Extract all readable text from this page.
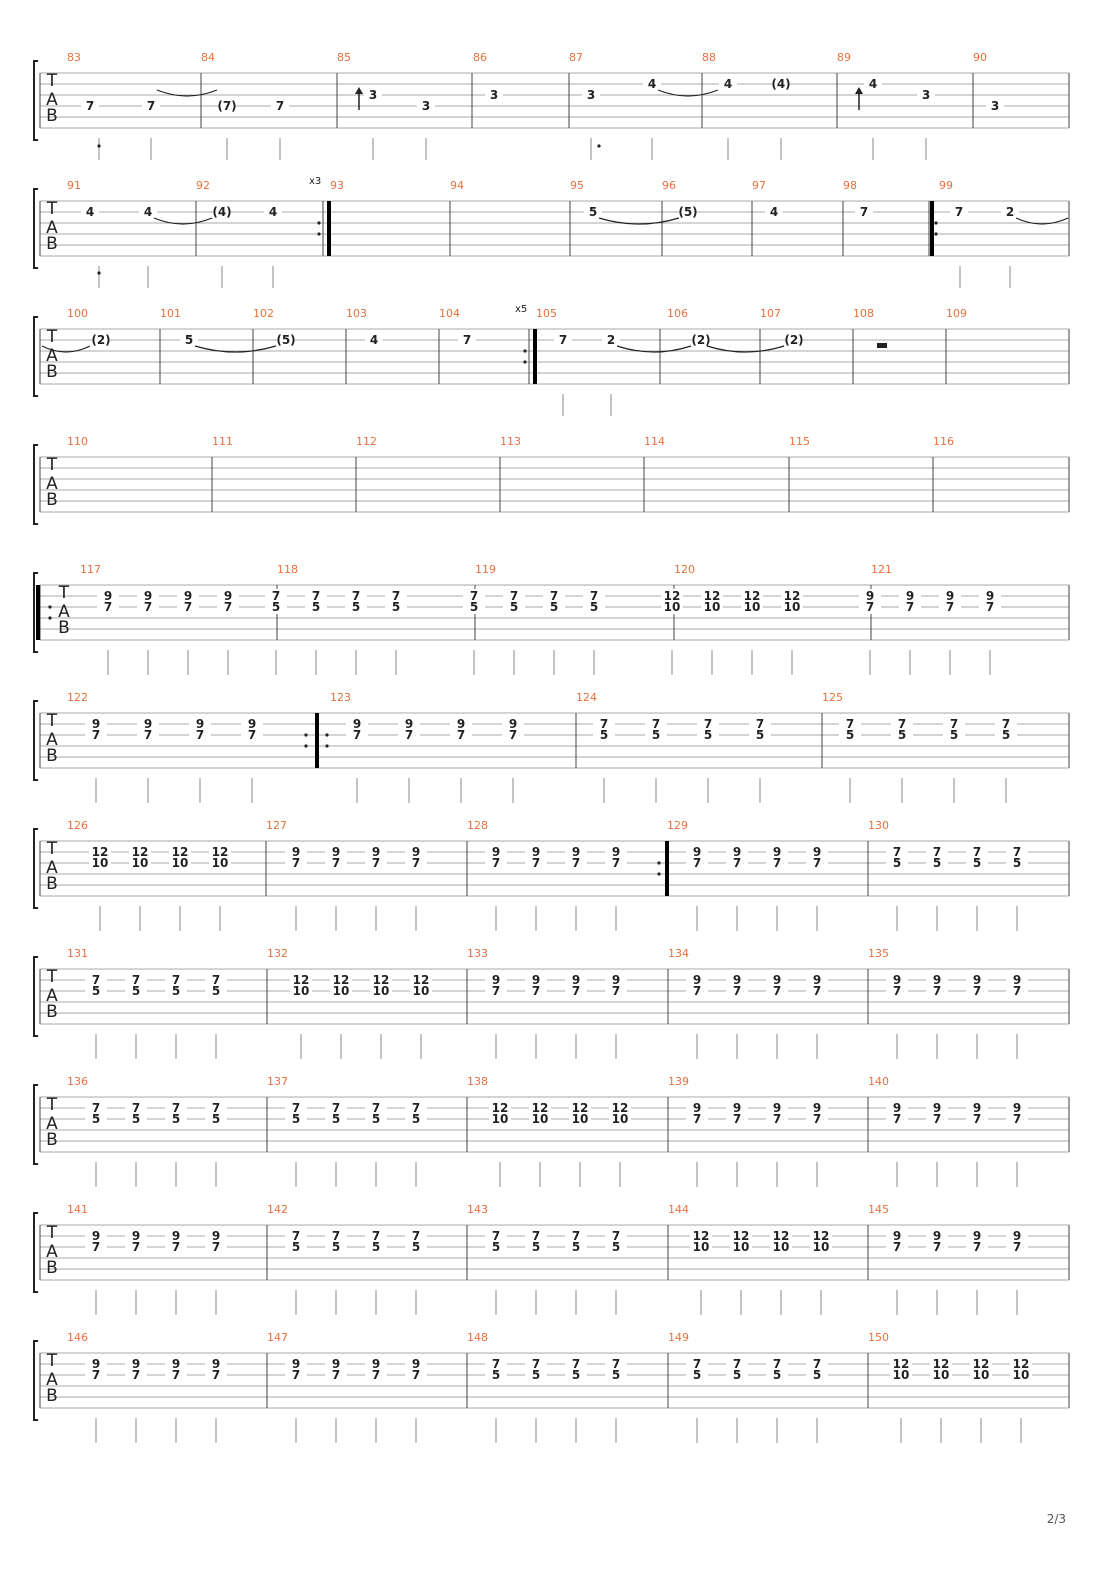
T
A
B
83	84	85	86	87	88	89	90
7	7	(7)	7
3
3
3	3
4	4	(4)	4
3
3
T
A
B
x3
91	92	93	94	95	96	97	98	99
4	4	(4)	4	5	(5)	4	7	7	2
T
A
B
x5
100	101	102	103	104	105	106	107	108	109
(2)	5	(5)	4	7	7	2	(2)	(2)
T
A
B
110	111	112	113	114	115	116
T
A
B
117	118	119	120	121
9
7
9
7
9
7
9
7
7
5
7
5
7
5
7
5
7
5
7
5
7
5
7
5
12
10
12
10
12
10
12
10
9
7
9
7
9
7
9
7
T
A
B
122	123	124	125
9
7
9
7
9
7
9
7
9
7
9
7
9
7
9
7
7
5
7
5
7
5
7
5
7
5
7
5
7
5
7
5
T
A
B
126	127	128	129	130
12
10
12
10
12
10
12
10
9
7
9
7
9
7
9
7
9
7
9
7
9
7
9
7
9
7
9
7
9
7
9
7
7
5
7
5
7
5
7
5
T
A
B
131	132	133	134	135
7
5
7
5
7
5
7
5
12
10
12
10
12
10
12
10
9
7
9
7
9
7
9
7
9
7
9
7
9
7
9
7
9
7
9
7
9
7
9
7
T
A
B
136	137	138	139	140
7
5
7
5
7
5
7
5
7
5
7
5
7
5
7
5
12
10
12
10
12
10
12
10
9
7
9
7
9
7
9
7
9
7
9
7
9
7
9
7
T
A
B
141	142	143	144	145
9
7
9
7
9
7
9
7
7
5
7
5
7
5
7
5
7
5
7
5
7
5
7
5
12
10
12
10
12
10
12
10
9
7
9
7
9
7
9
7
T
A
B
146	147	148	149	150
9
7
9
7
9
7
9
7
9
7
9
7
9
7
9
7
7
5
7
5
7
5
7
5
7
5
7
5
7
5
7
5
12
10
12
10
12
10
12
10
2/3
